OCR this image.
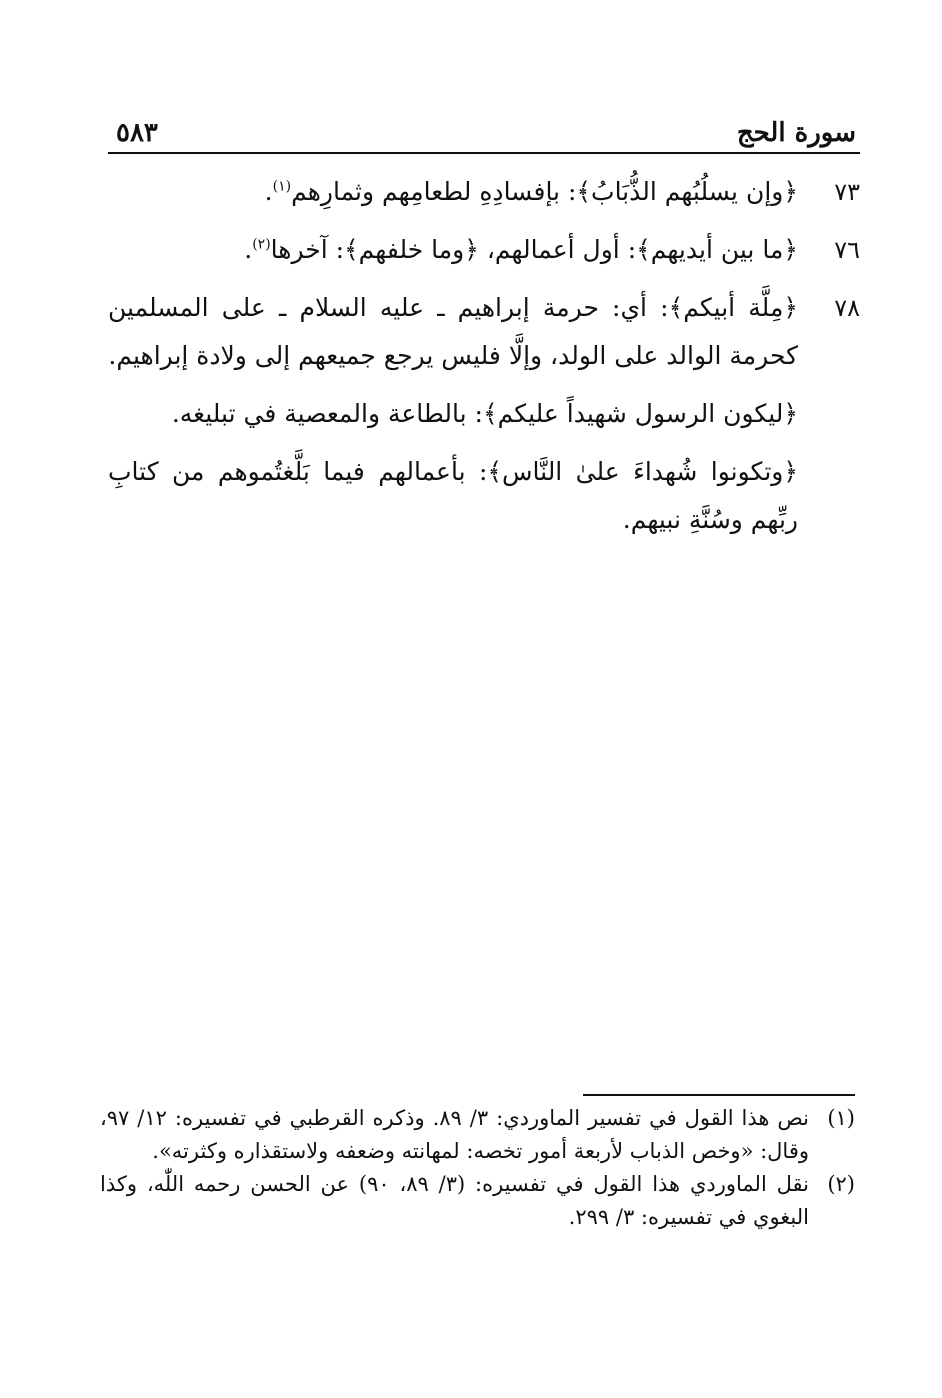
سورة الحج
٥٨٣
٧٣
﴿وإن يسلُبُهم الذُّبَابُ﴾: بإفسادِهِ لطعامِهم وثمارِهم$^{(١)}$.
٧٦
﴿ما بين أيديهم﴾: أول أعمالهم، ﴿وما خلفهم﴾: آخرها$^{(٢)}$.
٧٨
﴿مِلَّة أبيكم﴾: أي: حرمة إبراهيم ـ عليه السلام ـ على المسلمين كحرمة الوالد على الولد، وإلَّا فليس يرجع جميعهم إلى ولادة إبراهيم.
﴿ليكون الرسول شهيداً عليكم﴾: بالطاعة والمعصية في تبليغه.
﴿وتكونوا شُهداءَ علىٰ النَّاس﴾: بأعمالهم فيما بَلَّغتُموهم من كتابِ ربِّهم وسُنَّةِ نبيهم.
(١)
نص هذا القول في تفسير الماوردي: ٣/ ٨٩. وذكره القرطبي في تفسيره: ١٢/ ٩٧، وقال: «وخص الذباب لأربعة أمور تخصه: لمهانته وضعفه ولاستقذاره وكثرته».
(٢)
نقل الماوردي هذا القول في تفسيره: (٣/ ٨٩، ٩٠) عن الحسن رحمه اللّٰه، وكذا البغوي في تفسيره: ٣/ ٢٩٩.
